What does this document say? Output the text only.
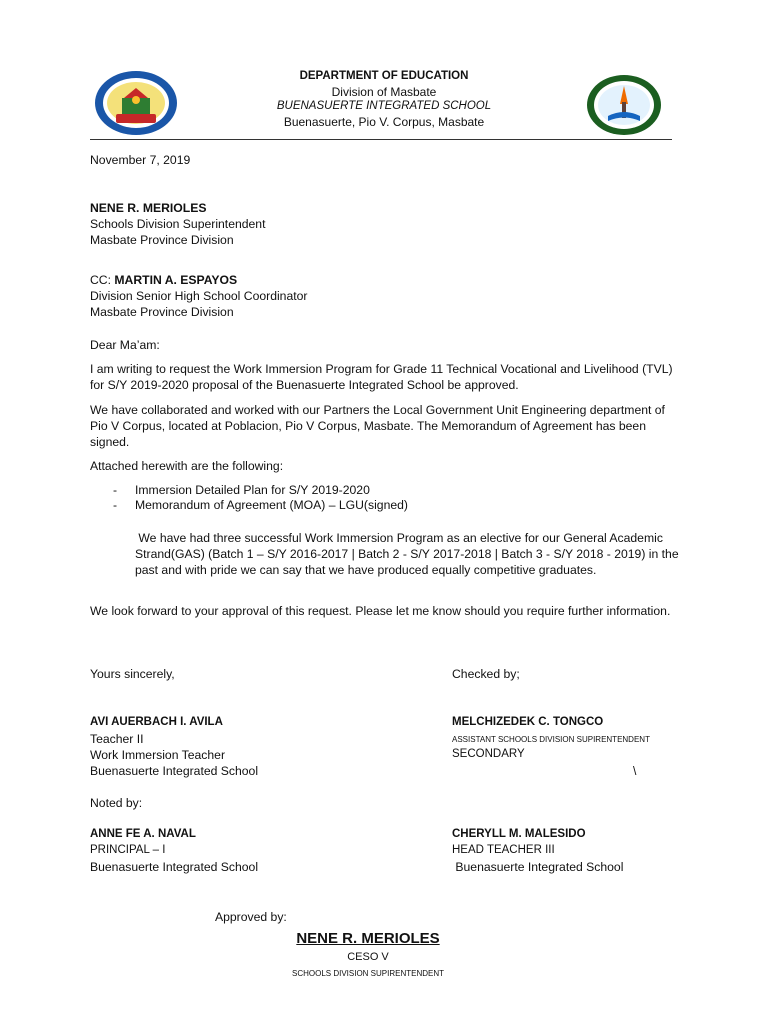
DEPARTMENT OF EDUCATION
Division of Masbate
BUENASUERTE INTEGRATED SCHOOL
Buenasuerte, Pio V. Corpus, Masbate
November 7, 2019
NENE R. MERIOLES
Schools Division Superintendent
Masbate Province Division
CC: MARTIN A. ESPAYOS
Division Senior High School Coordinator
Masbate Province Division
Dear Ma’am:
I am writing to request the Work Immersion Program for Grade 11 Technical Vocational and Livelihood (TVL) for S/Y 2019-2020 proposal of the Buenasuerte Integrated School be approved.
We have collaborated and worked with our Partners the Local Government Unit Engineering department of Pio V Corpus, located at Poblacion, Pio V Corpus, Masbate. The Memorandum of Agreement has been signed.
Attached herewith are the following:
- Immersion Detailed Plan for S/Y 2019-2020
- Memorandum of Agreement (MOA) – LGU(signed)
We have had three successful Work Immersion Program as an elective for our General Academic Strand(GAS) (Batch 1 – S/Y 2016-2017 | Batch 2 - S/Y 2017-2018 | Batch 3 - S/Y 2018 - 2019) in the past and with pride we can say that we have produced equally competitive graduates.
We look forward to your approval of this request. Please let me know should you require further information.
Yours sincerely,	Checked by;
AVI AUERBACH I. AVILA
Teacher II
Work Immersion Teacher
Buenasuerte Integrated School
MELCHIZEDEK C. TONGCO
ASSISTANT SCHOOLS DIVISION SUPIRENTENDENT
SECONDARY
\
Noted by:
ANNE FE A. NAVAL
PRINCIPAL – I
Buenasuerte Integrated School
CHERYLL M. MALESIDO
HEAD TEACHER III
Buenasuerte Integrated School
Approved by:
NENE R. MERIOLES
CESO V
SCHOOLS DIVISION SUPIRENTENDENT
